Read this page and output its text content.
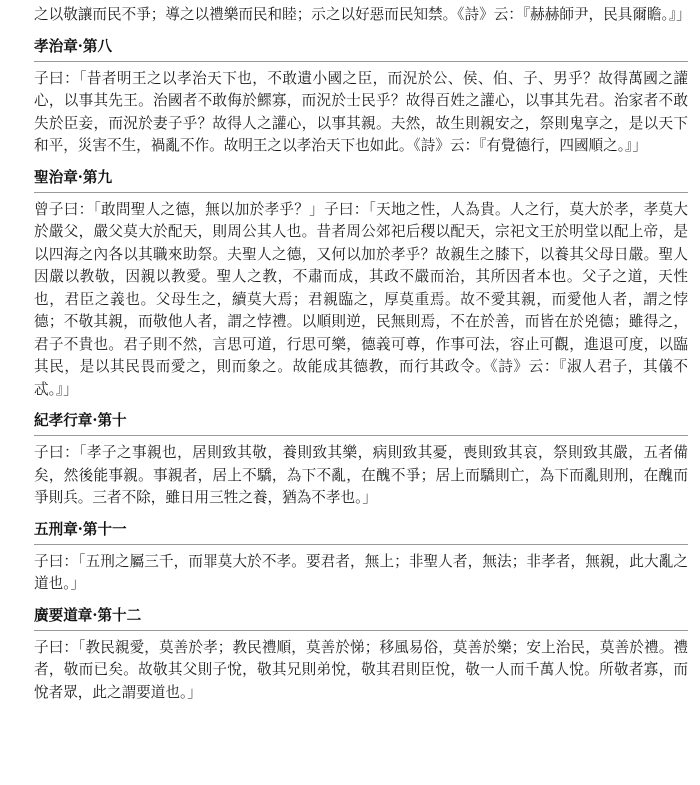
之以敬讓而民不爭；導之以禮樂而民和睦；示之以好惡而民知禁。《詩》云：『赫赫師尹，民具爾瞻。』」

孝治章·第八

子曰：「昔者明王之以孝治天下也，不敢遺小國之臣，而況於公、侯、伯、子、男乎？故得萬國之讙心，以事其先王。治國者不敢侮於鰥寡，而況於士民乎？故得百姓之讙心，以事其先君。治家者不敢失於臣妾，而況於妻子乎？故得人之讙心，以事其親。夫然，故生則親安之，祭則鬼享之，是以天下和平，災害不生，禍亂不作。故明王之以孝治天下也如此。《詩》云：『有覺德行，四國順之。』」

聖治章·第九

曾子曰：「敢問聖人之德，無以加於孝乎？」子曰：「天地之性，人為貴。人之行，莫大於孝，孝莫大於嚴父，嚴父莫大於配天，則周公其人也。昔者周公郊祀后稷以配天，宗祀文王於明堂以配上帝，是以四海之內各以其職來助祭。夫聖人之德，又何以加於孝乎？故親生之膝下，以養其父母日嚴。聖人因嚴以教敬，因親以教愛。聖人之教，不肅而成，其政不嚴而治，其所因者本也。父子之道，天性也，君臣之義也。父母生之，續莫大焉；君親臨之，厚莫重焉。故不愛其親，而愛他人者，謂之悖德；不敬其親，而敬他人者，謂之悖禮。以順則逆，民無則焉，不在於善，而皆在於兇德；雖得之，君子不貴也。君子則不然，言思可道，行思可樂，德義可尊，作事可法，容止可觀，進退可度，以臨其民，是以其民畏而愛之，則而象之。故能成其德教，而行其政令。《詩》云：『淑人君子，其儀不忒。』」

紀孝行章·第十

子曰：「孝子之事親也，居則致其敬，養則致其樂，病則致其憂，喪則致其哀，祭則致其嚴，五者備矣，然後能事親。事親者，居上不驕，為下不亂，在醜不爭；居上而驕則亡，為下而亂則刑，在醜而爭則兵。三者不除，雖日用三牲之養，猶為不孝也。」

五刑章·第十一

子曰：「五刑之屬三千，而罪莫大於不孝。要君者，無上；非聖人者，無法；非孝者，無親，此大亂之道也。」

廣要道章·第十二

子曰：「教民親愛，莫善於孝；教民禮順，莫善於悌；移風易俗，莫善於樂；安上治民，莫善於禮。禮者，敬而已矣。故敬其父則子悅，敬其兄則弟悅，敬其君則臣悅，敬一人而千萬人悅。所敬者寡，而悅者眾，此之謂要道也。」
